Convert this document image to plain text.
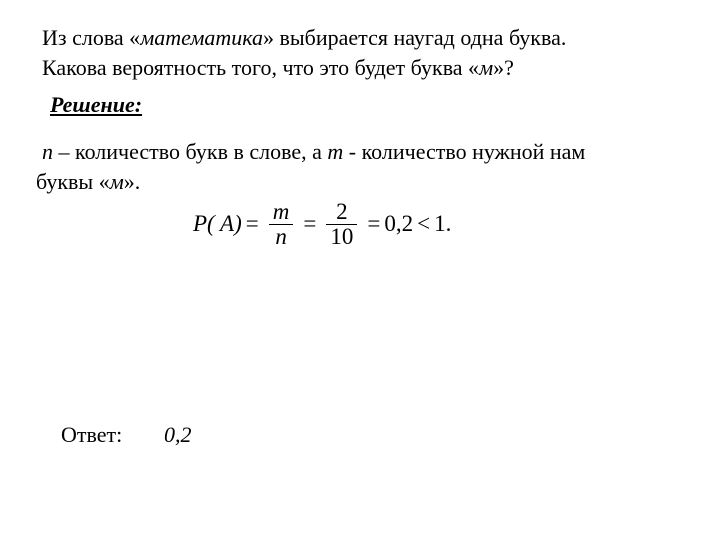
Из слова «математика» выбирается наугад одна буква.
Какова вероятность того, что это будет буква «м»?
Решение:
n – количество букв в слове, а m - количество нужной нам
буквы «м».
P( $A) = \frac{m}{n} = \frac{2}{10} = 0,2 < 1$.
Ответ: 0,2
